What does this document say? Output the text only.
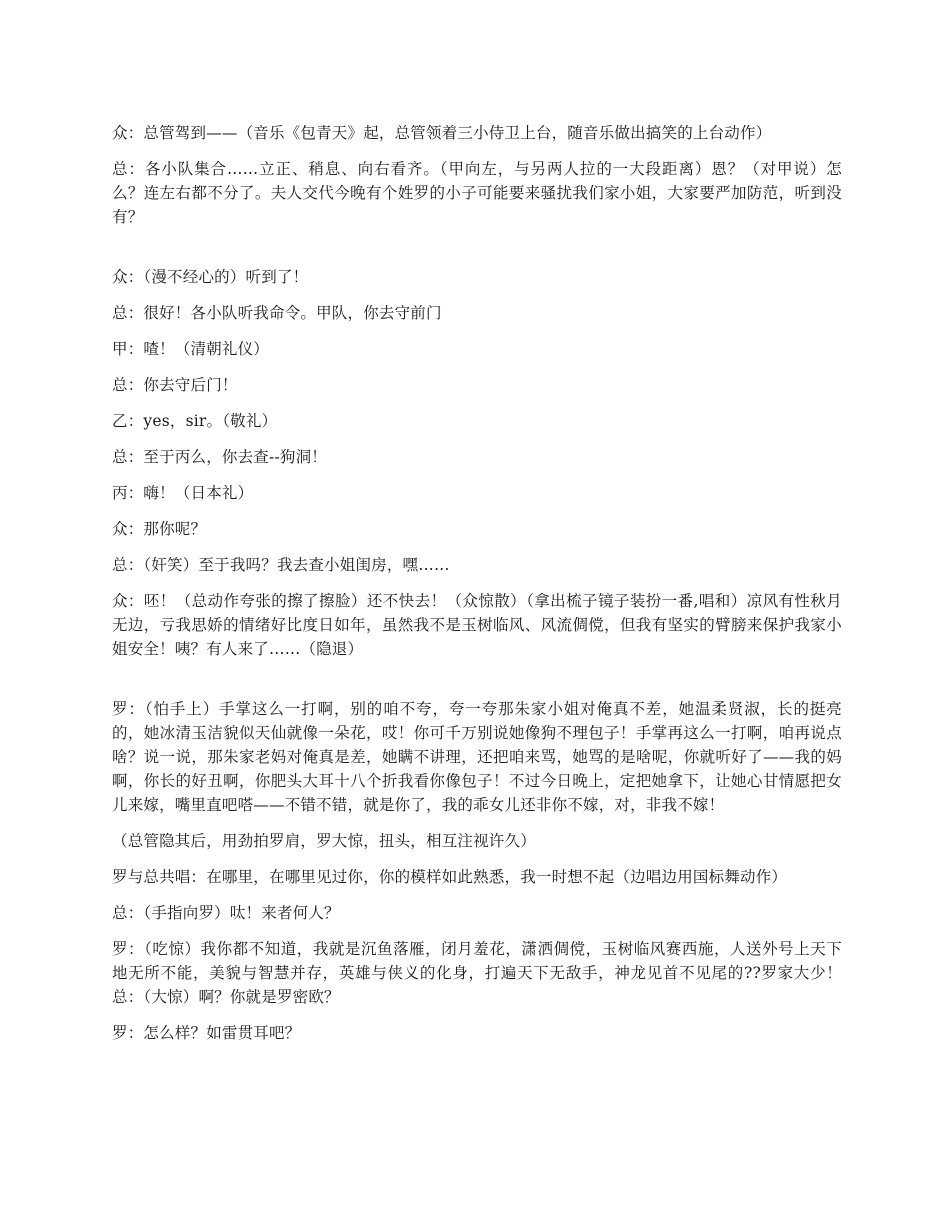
众：总管驾到——（音乐《包青天》起，总管领着三小侍卫上台，随音乐做出搞笑的上台动作）

总：各小队集合……立正、稍息、向右看齐。（甲向左，与另两人拉的一大段距离）恩？（对甲说）怎么？连左右都不分了。夫人交代今晚有个姓罗的小子可能要来骚扰我们家小姐，大家要严加防范，听到没有？

众：（漫不经心的）听到了！

总：很好！各小队听我命令。甲队，你去守前门

甲：喳！（清朝礼仪）

总：你去守后门！

乙：yes，sir。（敬礼）

总：至于丙么，你去查--狗洞！

丙：嗨！（日本礼）

众：那你呢？

总：（奸笑）至于我吗？我去查小姐闺房，嘿……

众：呸！（总动作夸张的擦了擦脸）还不快去！（众惊散）（拿出梳子镜子装扮一番,唱和）凉风有性秋月无边，亏我思娇的情绪好比度日如年，虽然我不是玉树临风、风流倜傥，但我有坚实的臂膀来保护我家小姐安全！咦？有人来了……（隐退）

罗：（怕手上）手掌这么一打啊，别的咱不夸，夸一夸那朱家小姐对俺真不差，她温柔贤淑，长的挺亮的，她冰清玉洁貌似天仙就像一朵花，哎！你可千万别说她像狗不理包子！手掌再这么一打啊，咱再说点啥？说一说，那朱家老妈对俺真是差，她瞒不讲理，还把咱来骂，她骂的是啥呢，你就听好了——我的妈啊，你长的好丑啊，你肥头大耳十八个折我看你像包子！不过今日晚上，定把她拿下，让她心甘情愿把女儿来嫁，嘴里直吧嗒——不错不错，就是你了，我的乖女儿还非你不嫁，对，非我不嫁！

（总管隐其后，用劲拍罗肩，罗大惊，扭头，相互注视许久）

罗与总共唱：在哪里，在哪里见过你，你的模样如此熟悉，我一时想不起（边唱边用国标舞动作）

总：（手指向罗）呔！来者何人？

罗：（吃惊）我你都不知道，我就是沉鱼落雁，闭月羞花，潇洒倜傥，玉树临风赛西施，人送外号上天下地无所不能，美貌与智慧并存，英雄与侠义的化身，打遍天下无敌手，神龙见首不见尾的??罗家大少！总：（大惊）啊？你就是罗密欧？

罗：怎么样？如雷贯耳吧？
